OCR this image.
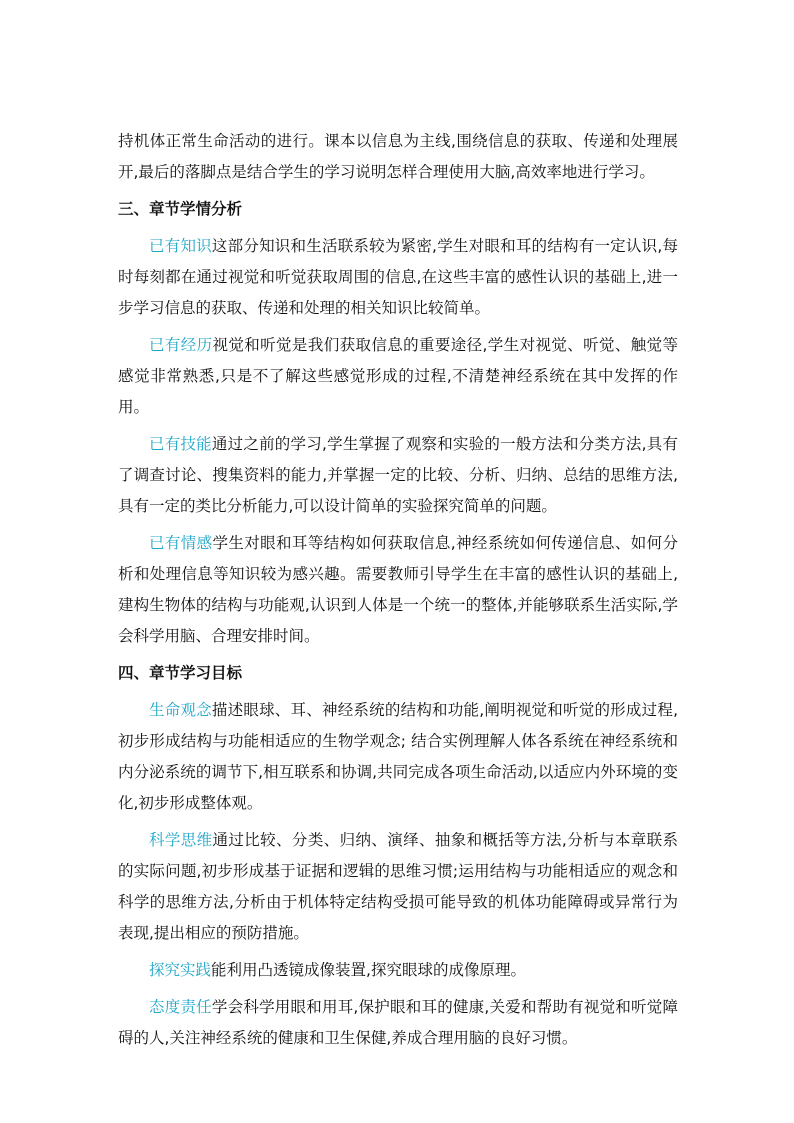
持机体正常生命活动的进行。课本以信息为主线,围绕信息的获取、传递和处理展开,最后的落脚点是结合学生的学习说明怎样合理使用大脑,高效率地进行学习。

三、章节学情分析

已有知识这部分知识和生活联系较为紧密,学生对眼和耳的结构有一定认识,每时每刻都在通过视觉和听觉获取周围的信息,在这些丰富的感性认识的基础上,进一步学习信息的获取、传递和处理的相关知识比较简单。

已有经历视觉和听觉是我们获取信息的重要途径,学生对视觉、听觉、触觉等感觉非常熟悉,只是不了解这些感觉形成的过程,不清楚神经系统在其中发挥的作用。

已有技能通过之前的学习,学生掌握了观察和实验的一般方法和分类方法,具有了调查讨论、搜集资料的能力,并掌握一定的比较、分析、归纳、总结的思维方法,具有一定的类比分析能力,可以设计简单的实验探究简单的问题。

已有情感学生对眼和耳等结构如何获取信息,神经系统如何传递信息、如何分析和处理信息等知识较为感兴趣。需要教师引导学生在丰富的感性认识的基础上,建构生物体的结构与功能观,认识到人体是一个统一的整体,并能够联系生活实际,学会科学用脑、合理安排时间。

四、章节学习目标

生命观念描述眼球、耳、神经系统的结构和功能,阐明视觉和听觉的形成过程,初步形成结构与功能相适应的生物学观念; 结合实例理解人体各系统在神经系统和内分泌系统的调节下,相互联系和协调,共同完成各项生命活动,以适应内外环境的变化,初步形成整体观。

科学思维通过比较、分类、归纳、演绎、抽象和概括等方法,分析与本章联系的实际问题,初步形成基于证据和逻辑的思维习惯;运用结构与功能相适应的观念和科学的思维方法,分析由于机体特定结构受损可能导致的机体功能障碍或异常行为表现,提出相应的预防措施。

探究实践能利用凸透镜成像装置,探究眼球的成像原理。

态度责任学会科学用眼和用耳,保护眼和耳的健康,关爱和帮助有视觉和听觉障碍的人,关注神经系统的健康和卫生保健,养成合理用脑的良好习惯。
